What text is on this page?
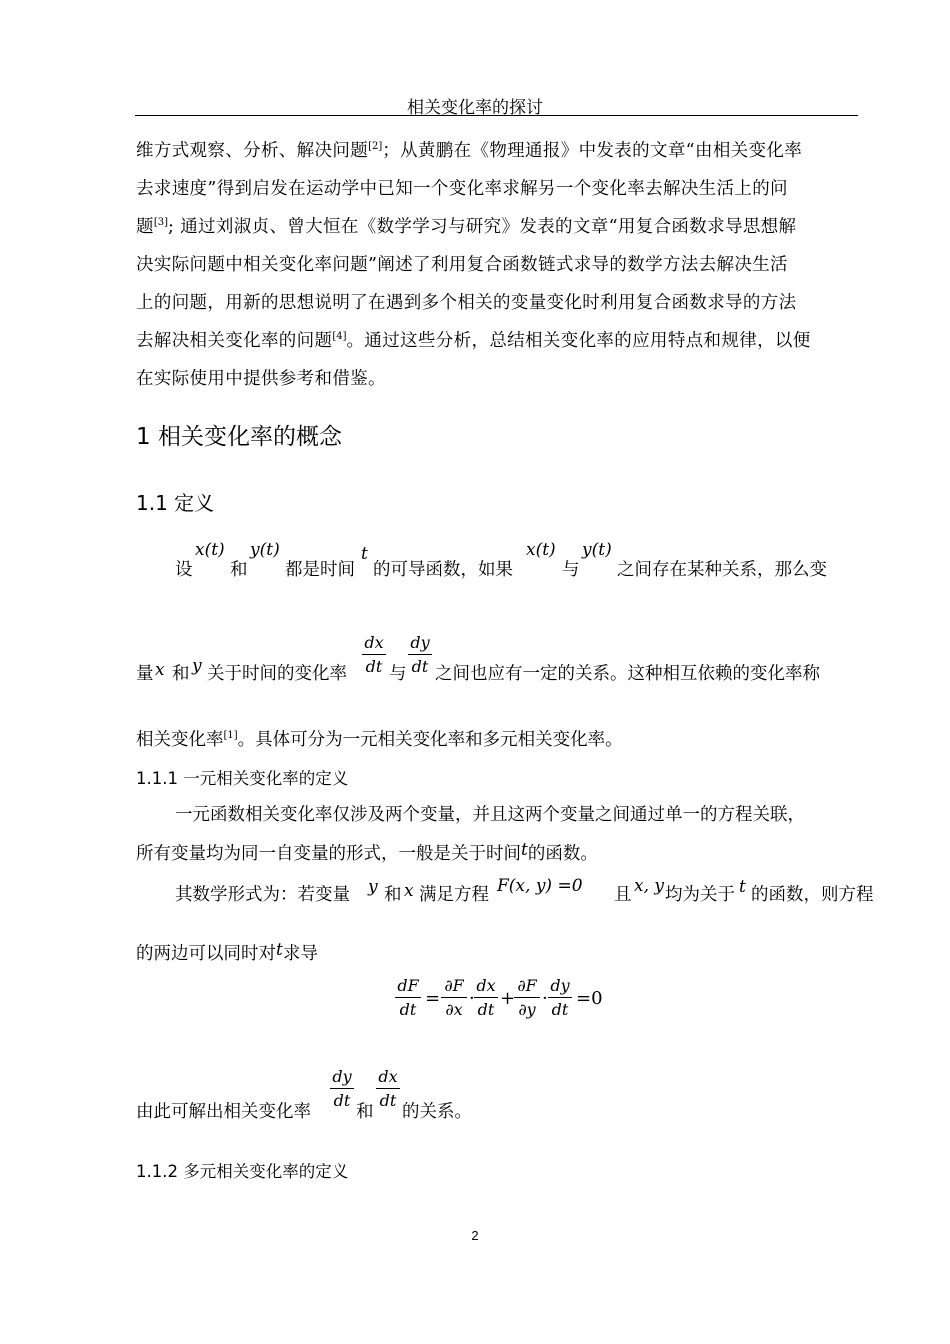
相关变化率的探讨
维方式观察、分析、解决问题[2]；从黄鹏在《物理通报》中发表的文章“由相关变化率
去求速度”得到启发在运动学中已知一个变化率求解另一个变化率去解决生活上的问
题[3]; 通过刘淑贞、曾大恒在《数学学习与研究》发表的文章“用复合函数求导思想解
决实际问题中相关变化率问题”阐述了利用复合函数链式求导的数学方法去解决生活
上的问题，用新的思想说明了在遇到多个相关的变量变化时利用复合函数求导的方法
去解决相关变化率的问题[4]。通过这些分析，总结相关变化率的应用特点和规律，以便
在实际使用中提供参考和借鉴。
1 相关变化率的概念
1.1 定义
设
x(t)
和
y(t)
都是时间
t
的可导函数，如果
x(t)
与
y(t)
之间存在某种关系，那么变
量 x 和 y 关于时间的变化率
dx
dt 与
dy
dt 之间也应有一定的关系。这种相互依赖的变化率称
相关变化率[1]。具体可分为一元相关变化率和多元相关变化率。
1.1.1 一元相关变化率的定义
一元函数相关变化率仅涉及两个变量，并且这两个变量之间通过单一的方程关联，
所有变量均为同一自变量的形式，一般是关于时间t的函数。
其数学形式为：若变量 y 和 x 满足方程 F(x, y) =0 且 x, y 均为关于 t 的函数，则方程
的两边可以同时对t求导
dF
dt
=
∂F
∂x
·
dx
dt
+
∂F
∂y
·
dy
dt
=0
由此可解出相关变化率
dy
dt
和
dx
dt
的关系。
1.1.2 多元相关变化率的定义
2
